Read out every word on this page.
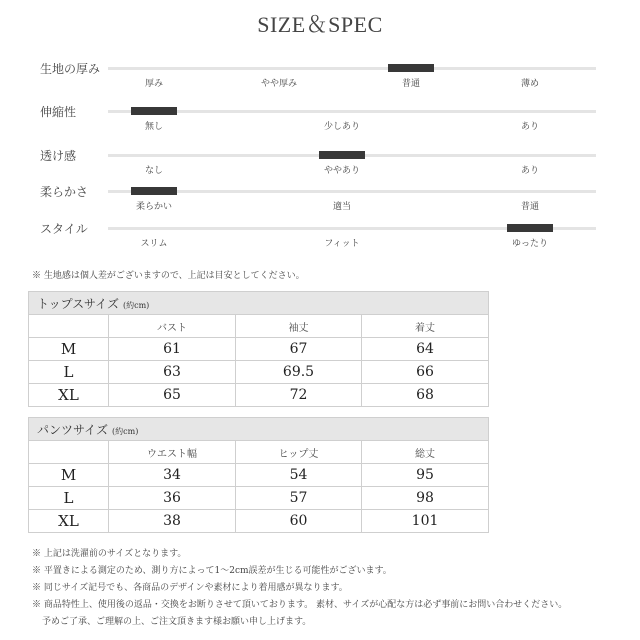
SIZE＆SPEC
生地の厚み
厚み	やや厚み	普通	薄め
伸縮性
無し	少しあり	あり
透け感
なし	ややあり	あり
柔らかさ
柔らかい	適当	普通
スタイル
スリム	フィット	ゆったり
※ 生地感は個人差がございますので、上記は目安としてください。
トップスサイズ (約cm)			
	バスト	袖丈	着丈
M	61	67	64
L	63	69.5	66
XL	65	72	68
パンツサイズ (約cm)			
	ウエスト幅	ヒップ丈	総丈
M	34	54	95
L	36	57	98
XL	38	60	101
※ 上記は洗濯前のサイズとなります。
※ 平置きによる測定のため、測り方によって1〜2cm誤差が生じる可能性がございます。
※ 同じサイズ記号でも、各商品のデザインや素材により着用感が異なります。
※ 商品特性上、使用後の返品・交換をお断りさせて頂いております。 素材、サイズが心配な方は必ず事前にお問い合わせください。
予めご了承、ご理解の上、ご注文頂きます様お願い申し上げます。
